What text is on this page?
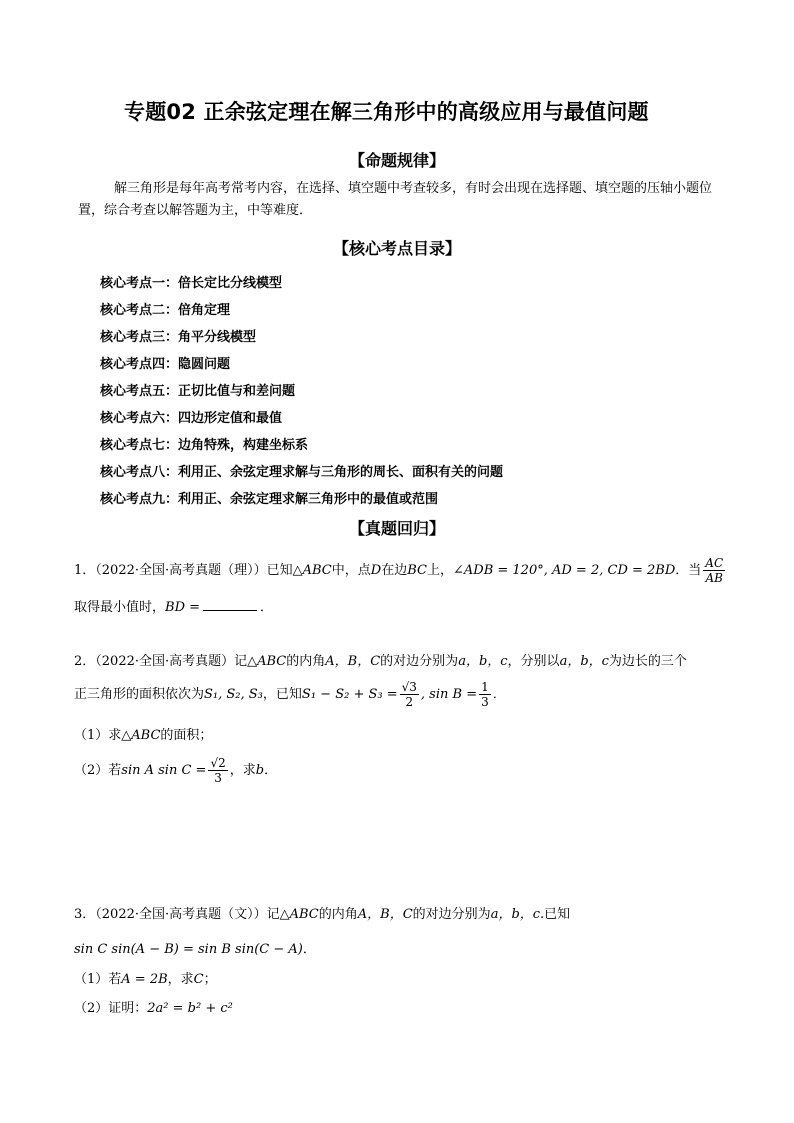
专题02 正余弦定理在解三角形中的高级应用与最值问题
【命题规律】
解三角形是每年高考常考内容，在选择、填空题中考查较多，有时会出现在选择题、填空题的压轴小题位置，综合考查以解答题为主，中等难度．
【核心考点目录】
核心考点一：倍长定比分线模型
核心考点二：倍角定理
核心考点三：角平分线模型
核心考点四：隐圆问题
核心考点五：正切比值与和差问题
核心考点六：四边形定值和最值
核心考点七：边角特殊，构建坐标系
核心考点八：利用正、余弦定理求解与三角形的周长、面积有关的问题
核心考点九：利用正、余弦定理求解三角形中的最值或范围
【真题回归】
1．（2022·全国·高考真题（理））已知△ABC中，点D在边BC上，∠ADB = 120°, AD = 2, CD = 2BD．当 $\frac{AC}{AB}$
取得最小值时，BD =	．
2．（2022·全国·高考真题）记△ABC的内角A，B，C的对边分别为a，b，c，分别以a，b，c为边长的三个
正三角形的面积依次为S₁, S₂, S₃，已知$S_1 - S_2 + S_3 = \frac{√3}{2}$ , $\sin B = \frac{1}{3}$ ．
（1）求△ABC的面积；
（2）若sin A $\sin C = \frac{√2}{3}$ ，求b．
3．（2022·全国·高考真题（文））记△ABC的内角A，B，C的对边分别为a，b，c.已知
sin C sin(A − B) = sin B sin(C − A)．
（1）若A = 2B，求C；
（2）证明：2a² = b² + c²
